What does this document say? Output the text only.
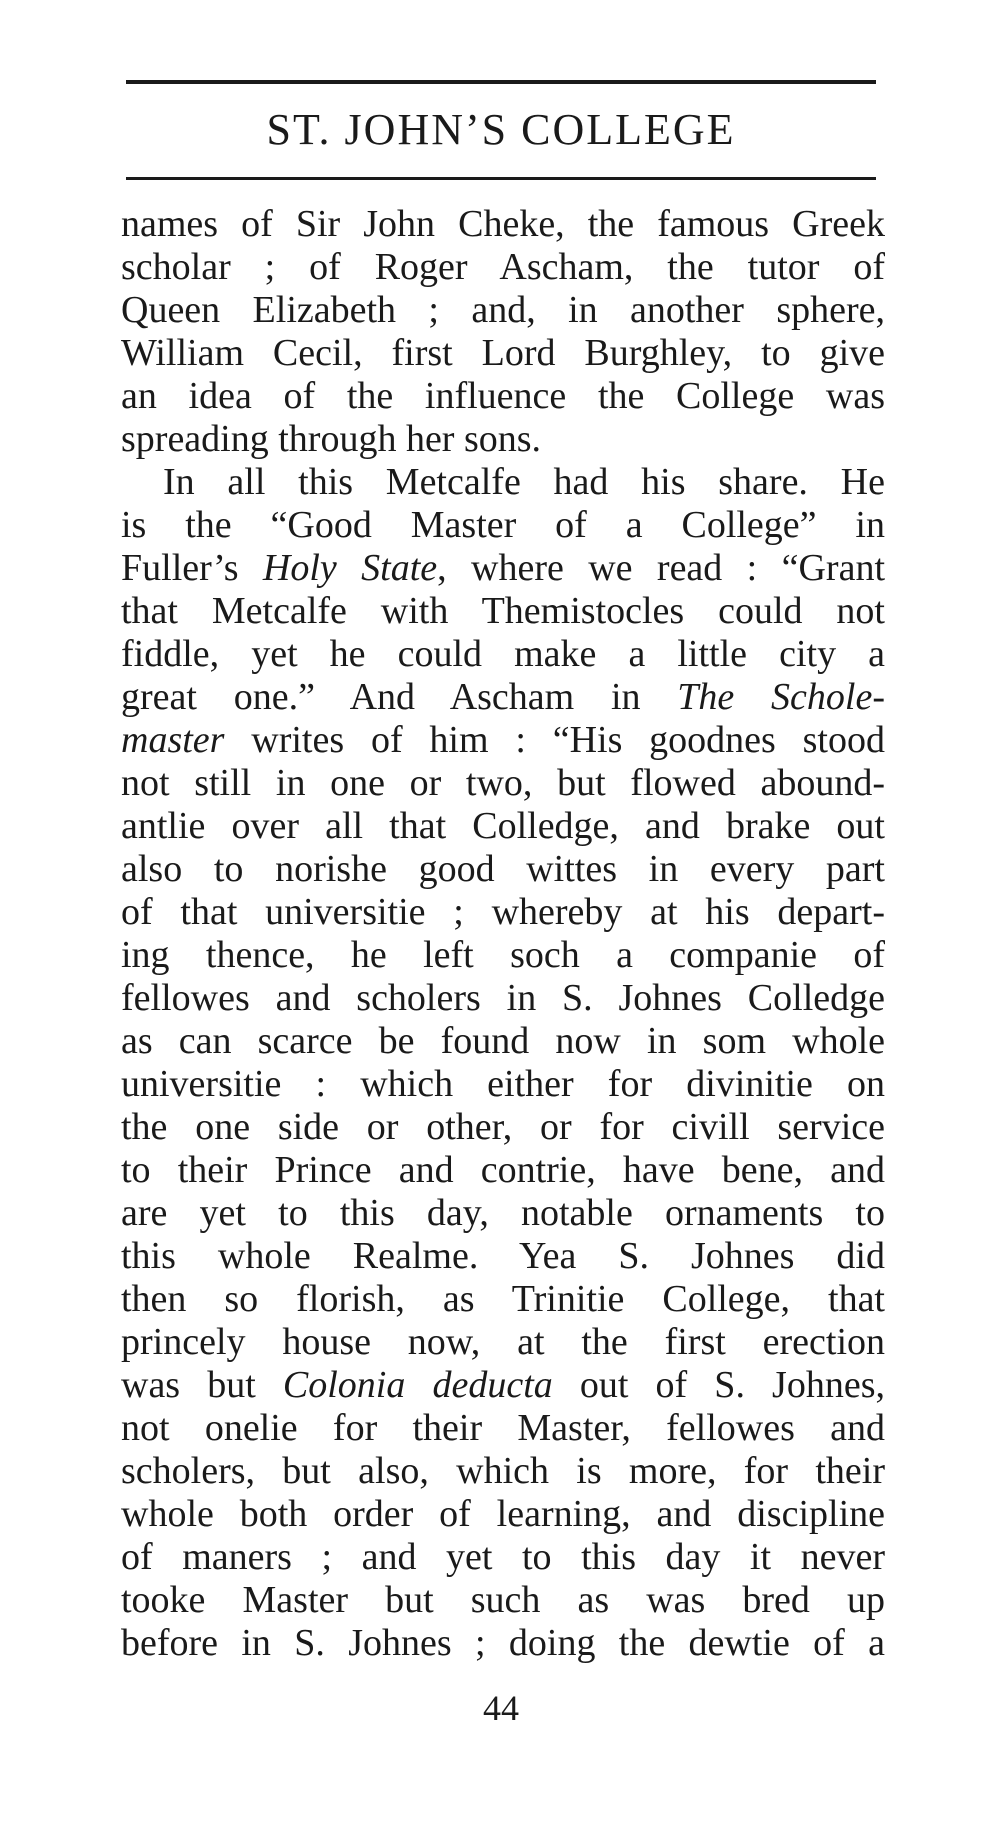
ST. JOHN’S COLLEGE
names of Sir John Cheke, the famous Greek
scholar ; of Roger Ascham, the tutor of
Queen Elizabeth ; and, in another sphere,
William Cecil, first Lord Burghley, to give
an idea of the influence the College was
spreading through her sons.
In all this Metcalfe had his share. He
is the “Good Master of a College” in
Fuller’s Holy State, where we read : “Grant
that Metcalfe with Themistocles could not
fiddle, yet he could make a little city a
great one.” And Ascham in The Schole-
master writes of him : “His goodnes stood
not still in one or two, but flowed abound-
antlie over all that Colledge, and brake out
also to norishe good wittes in every part
of that universitie ; whereby at his depart-
ing thence, he left soch a companie of
fellowes and scholers in S. Johnes Colledge
as can scarce be found now in som whole
universitie : which either for divinitie on
the one side or other, or for civill service
to their Prince and contrie, have bene, and
are yet to this day, notable ornaments to
this whole Realme. Yea S. Johnes did
then so florish, as Trinitie College, that
princely house now, at the first erection
was but Colonia deducta out of S. Johnes,
not onelie for their Master, fellowes and
scholers, but also, which is more, for their
whole both order of learning, and discipline
of maners ; and yet to this day it never
tooke Master but such as was bred up
before in S. Johnes ; doing the dewtie of a
44
